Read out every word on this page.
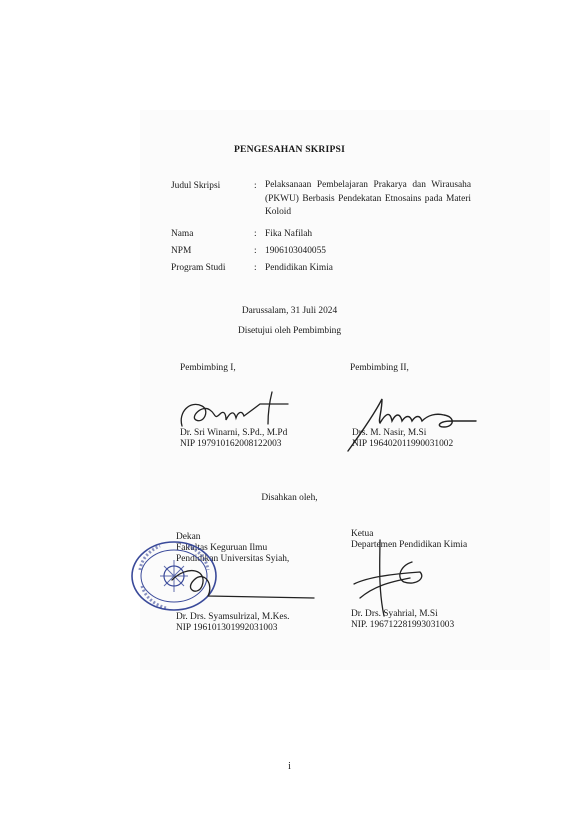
PENGESAHAN SKRIPSI
Judul Skripsi	: Pelaksanaan Pembelajaran Prakarya dan Wirausaha (PKWU) Berbasis Pendekatan Etnosains pada Materi Koloid
Nama	: Fika Nafilah
NPM	: 1906103040055
Program Studi	: Pendidikan Kimia
Darussalam, 31 Juli 2024
Disetujui oleh Pembimbing
Pembimbing I,	Pembimbing II,
Dr. Sri Winarni, S.Pd., M.Pd
NIP 197910162008122003
Drs. M. Nasir, M.Si
NIP 196402011990031002
Disahkan oleh,
Dekan
Fakultas Keguruan Ilmu
Pendidikan Universitas Syiah,
Dr. Drs. Syamsulrizal, M.Kes.
NIP 196101301992031003
Ketua
Departemen Pendidikan Kimia
Dr. Drs. Syahrial, M.Si
NIP. 196712281993031003
i
